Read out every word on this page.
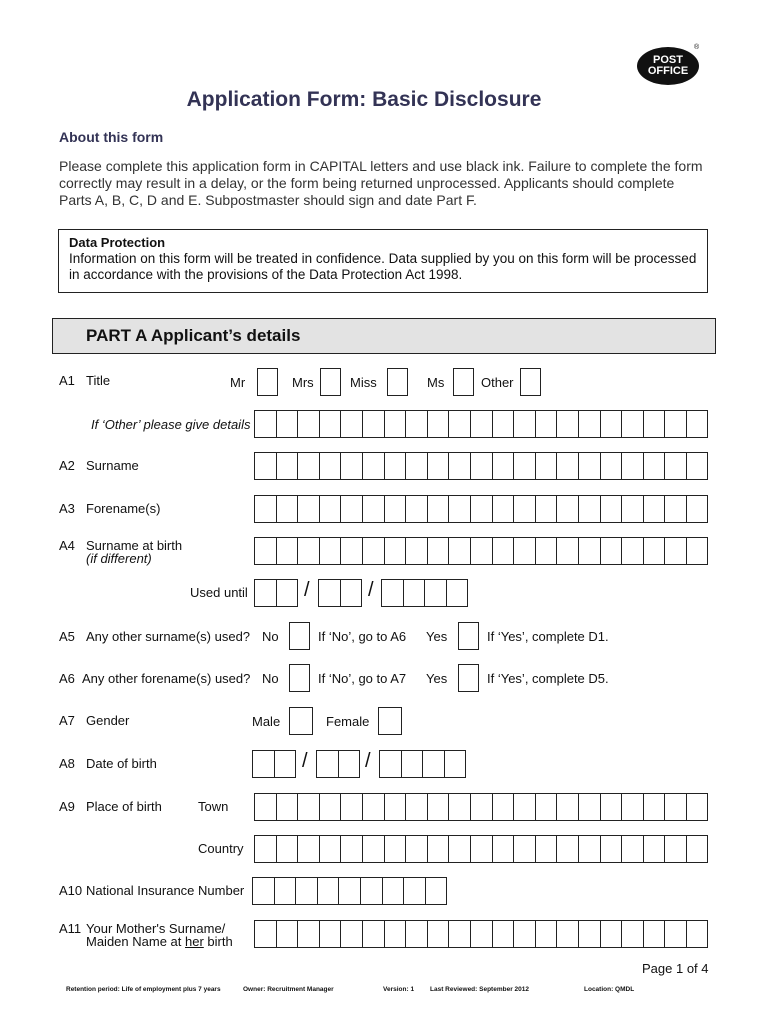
POST
OFFICE
®
Application Form: Basic Disclosure
About this form
Please complete this application form in CAPITAL letters and use black ink. Failure to complete the form correctly may result in a delay, or the form being returned unprocessed. Applicants should complete Parts A, B, C, D and E. Subpostmaster should sign and date Part F.
Data Protection
Information on this form will be treated in confidence. Data supplied by you on this form will be processed in accordance with the provisions of the Data Protection Act 1998.
PART A Applicant’s details
A1 Title	Mr	Mrs	Miss	Ms	Other
If ‘Other’ please give details
A2 Surname
A3 Forename(s)
A4 Surname at birth
(if different)
Used until	/	/
A5 Any other surname(s) used? No	If ‘No’, go to A6 Yes	If ‘Yes’, complete D1.
A6 Any other forename(s) used? No	If ‘No’, go to A7 Yes	If ‘Yes’, complete D5.
A7 Gender	Male	Female
A8 Date of birth	/	/
A9 Place of birth	Town
Country
A10 National Insurance Number
A11 Your Mother's Surname/
Maiden Name at her birth
Page 1 of 4
Retention period: Life of employment plus 7 years	Owner: Recruitment Manager	Version: 1 Last Reviewed: September 2012	Location: QMDL
